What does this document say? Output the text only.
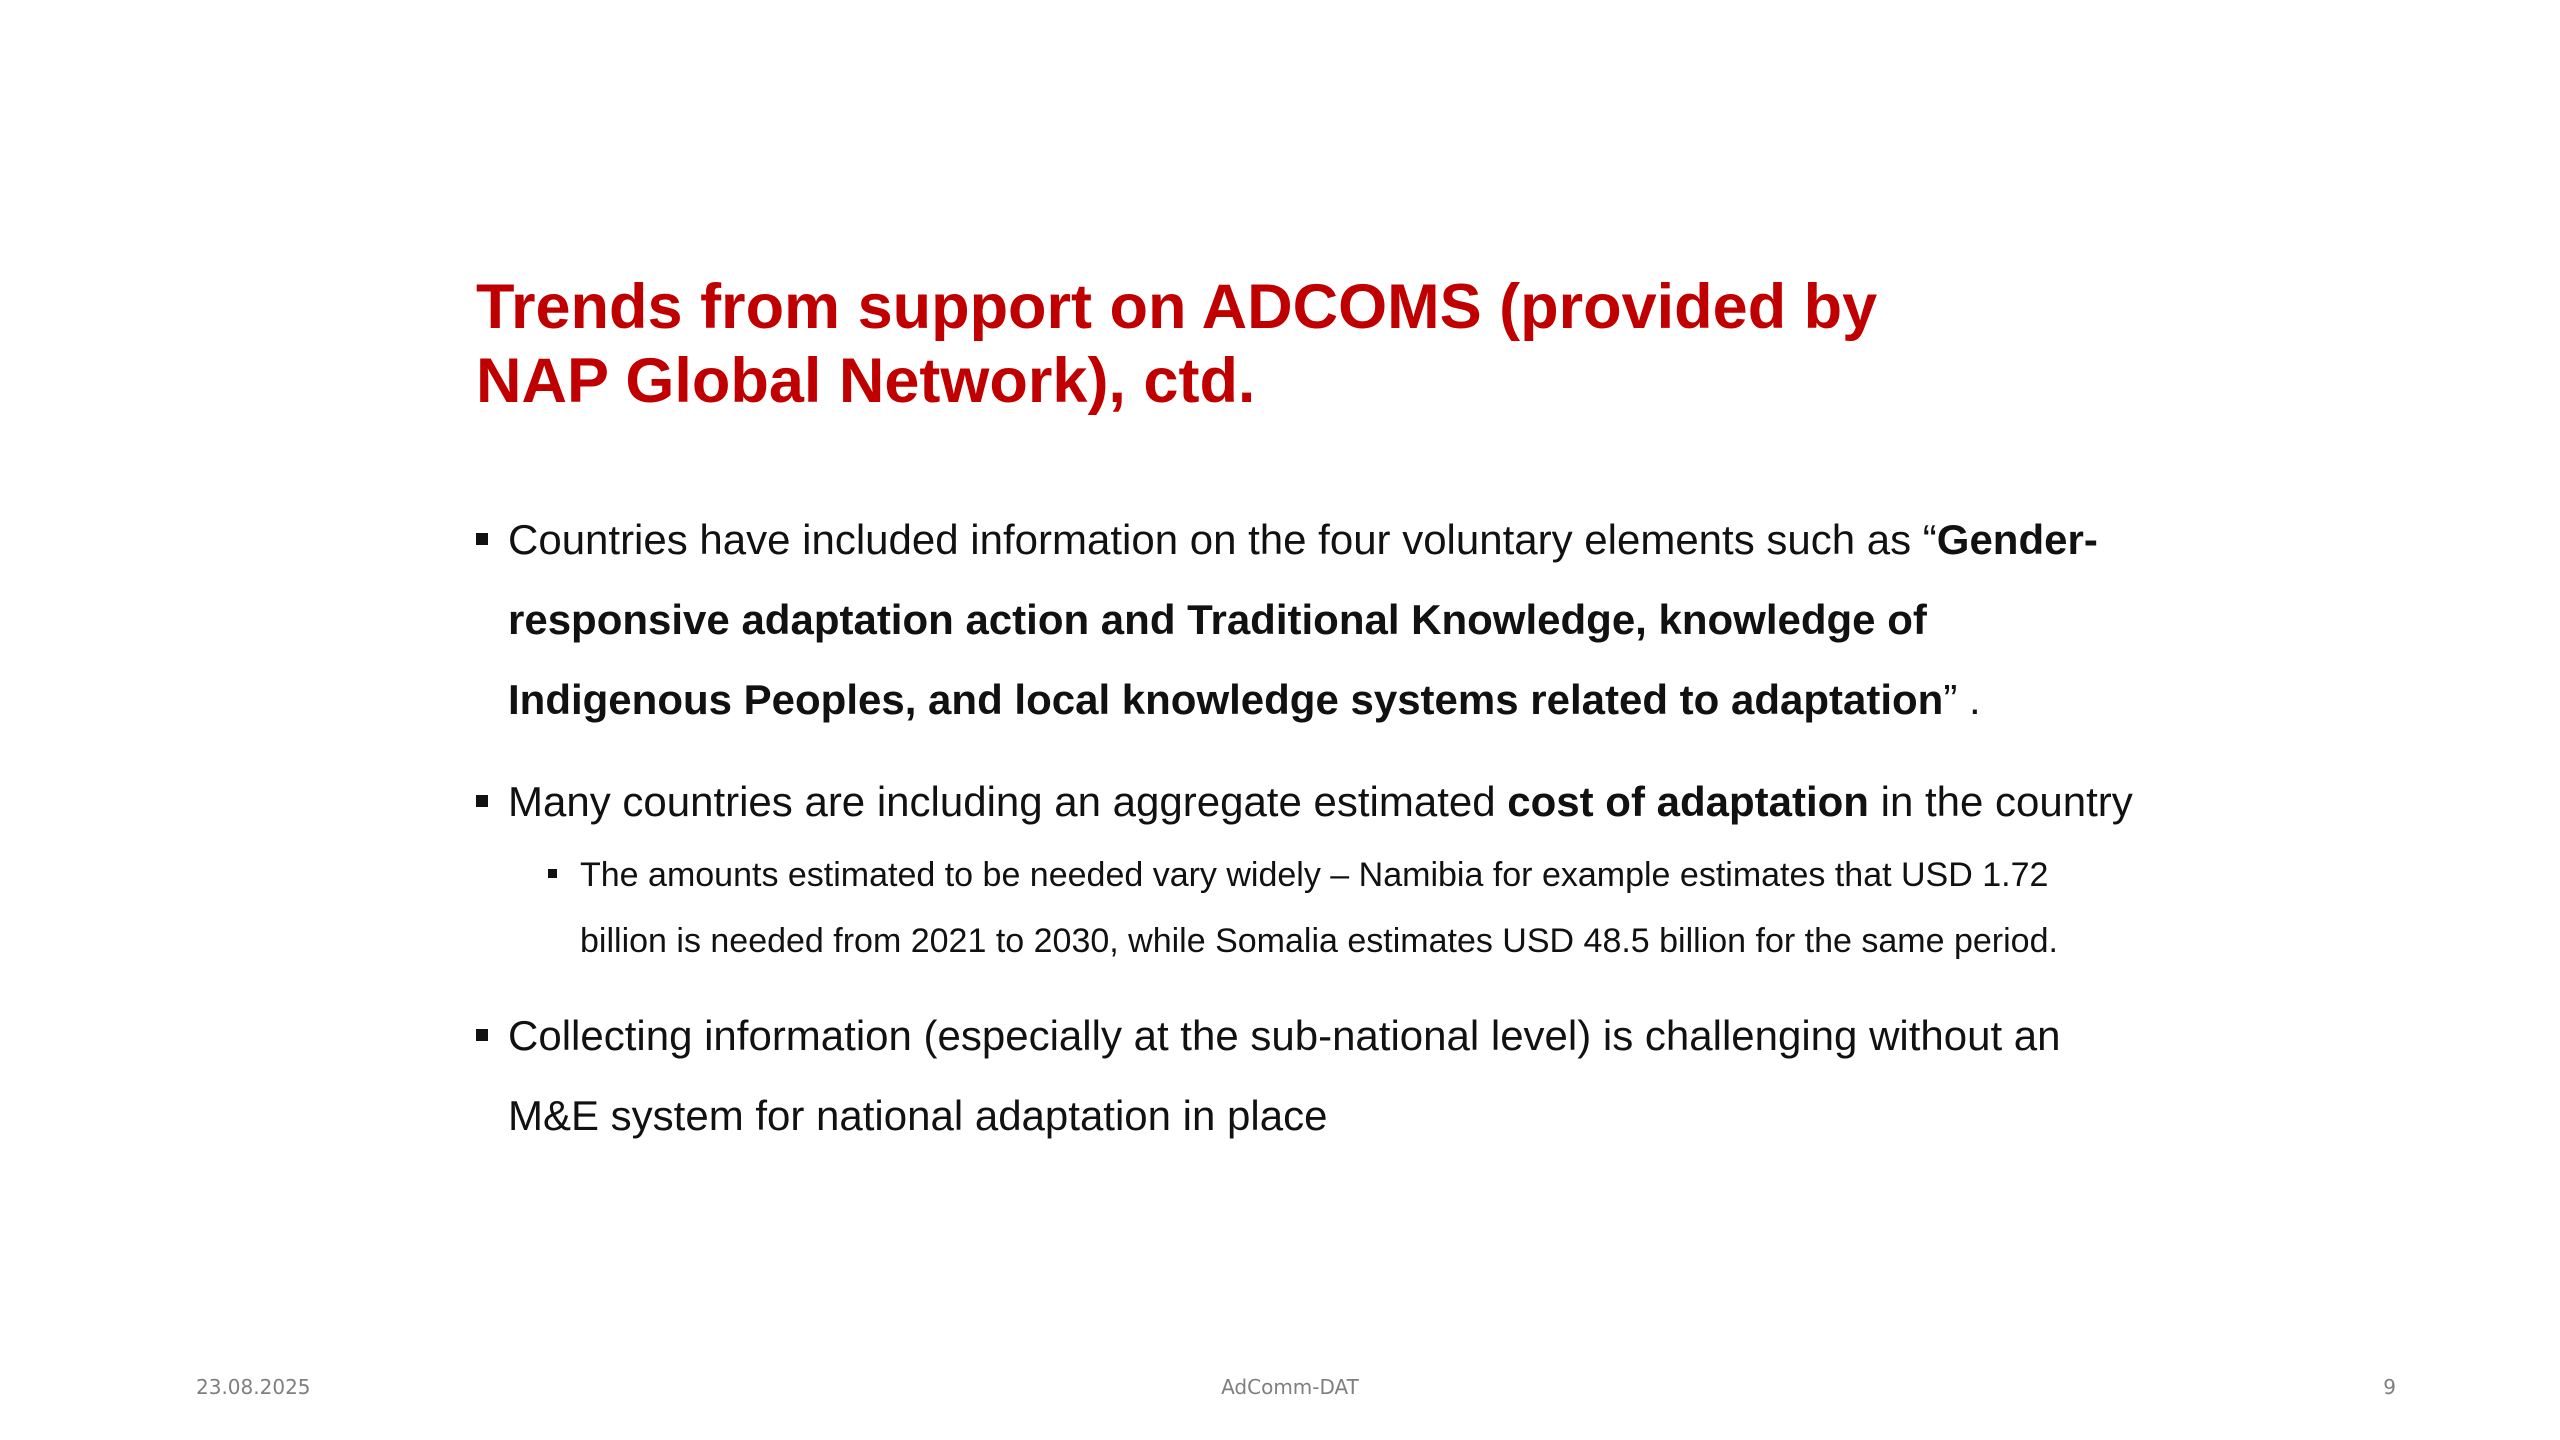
Trends from support on ADCOMS (provided by
NAP Global Network), ctd.
Countries have included information on the four voluntary elements such as “Gender-
responsive adaptation action and Traditional Knowledge, knowledge of
Indigenous Peoples, and local knowledge systems related to adaptation” .
Many countries are including an aggregate estimated cost of adaptation in the country
The amounts estimated to be needed vary widely – Namibia for example estimates that USD 1.72
billion is needed from 2021 to 2030, while Somalia estimates USD 48.5 billion for the same period.
Collecting information (especially at the sub-national level) is challenging without an
M&E system for national adaptation in place
23.08.2025	AdComm-DAT	9
